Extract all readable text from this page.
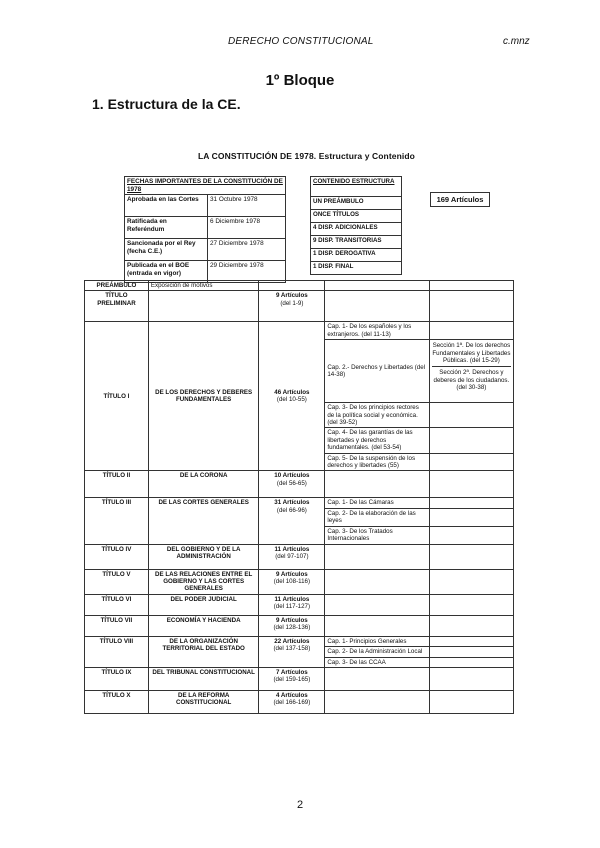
DERECHO CONSTITUCIONAL	c.mnz
1º Bloque
1. Estructura de la CE.
LA CONSTITUCIÓN DE 1978. Estructura y Contenido
FECHAS IMPORTANTES DE LA CONSTITUCIÓN DE 1978	
Aprobada en las Cortes	31 Octubre 1978
Ratificada en Referéndum	6 Diciembre 1978
Sancionada por el Rey (fecha C.E.)	27 Diciembre 1978
Publicada en el BOE (entrada en vigor)	29 Diciembre 1978
CONTENIDO ESTRUCTURA
UN PREÁMBULO
ONCE TÍTULOS
4 DISP. ADICIONALES
9 DISP. TRANSITORIAS
1 DISP. DEROGATIVA
1 DISP. FINAL
169 Artículos
PREÁMBULO	Exposición de motivos			
TÍTULO PRELIMINAR		9 Artículos
(del 1-9)		
TÍTULO I	DE LOS DERECHOS Y DEBERES FUNDAMENTALES	46 Artículos
(del 10-55)	Cap. 1- De los españoles y los extranjeros. (del 11-13)	
			Cap. 2.- Derechos y Libertades (del 14-38)	Sección 1ª. De los derechos Fundamentales y Libertades Públicas. (del 15-29)
Sección 2ª. Derechos y deberes de los ciudadanos. (del 30-38)

			Cap. 3- De los principios rectores de la política social y económica. (del 39-52)	
			Cap. 4- De las garantías de las libertades y derechos fundamentales. (del 53-54)	
			Cap. 5- De la suspensión de los derechos y libertades (55)	
TÍTULO II	DE LA CORONA	10 Artículos
(del 56-65)		
TÍTULO III	DE LAS CORTES GENERALES	31 Artículos
(del 66-96)	Cap. 1- De las Cámaras	
			Cap. 2- De la elaboración de las leyes	
			Cap. 3- De los Tratados Internacionales	
TÍTULO IV	DEL GOBIERNO Y DE LA ADMINISTRACIÓN	11 Artículos
(del 97-107)		
TÍTULO V	DE LAS RELACIONES ENTRE EL GOBIERNO Y LAS CORTES GENERALES	9 Artículos
(del 108-116)		
TÍTULO VI	DEL PODER JUDICIAL	11 Artículos
(del 117-127)		
TÍTULO VII	ECONOMÍA Y HACIENDA	9 Artículos
(del 128-136)		
TÍTULO VIII	DE LA ORGANIZACIÓN TERRITORIAL DEL ESTADO	22 Artículos
(del 137-158)	Cap. 1- Principios Generales	
			Cap. 2- De la Administración Local	
			Cap. 3- De las CCAA	
TÍTULO IX	DEL TRIBUNAL CONSTITUCIONAL	7 Artículos
(del 159-165)		
TÍTULO X	DE LA REFORMA CONSTITUCIONAL	4 Artículos
(del 166-169)		
2
